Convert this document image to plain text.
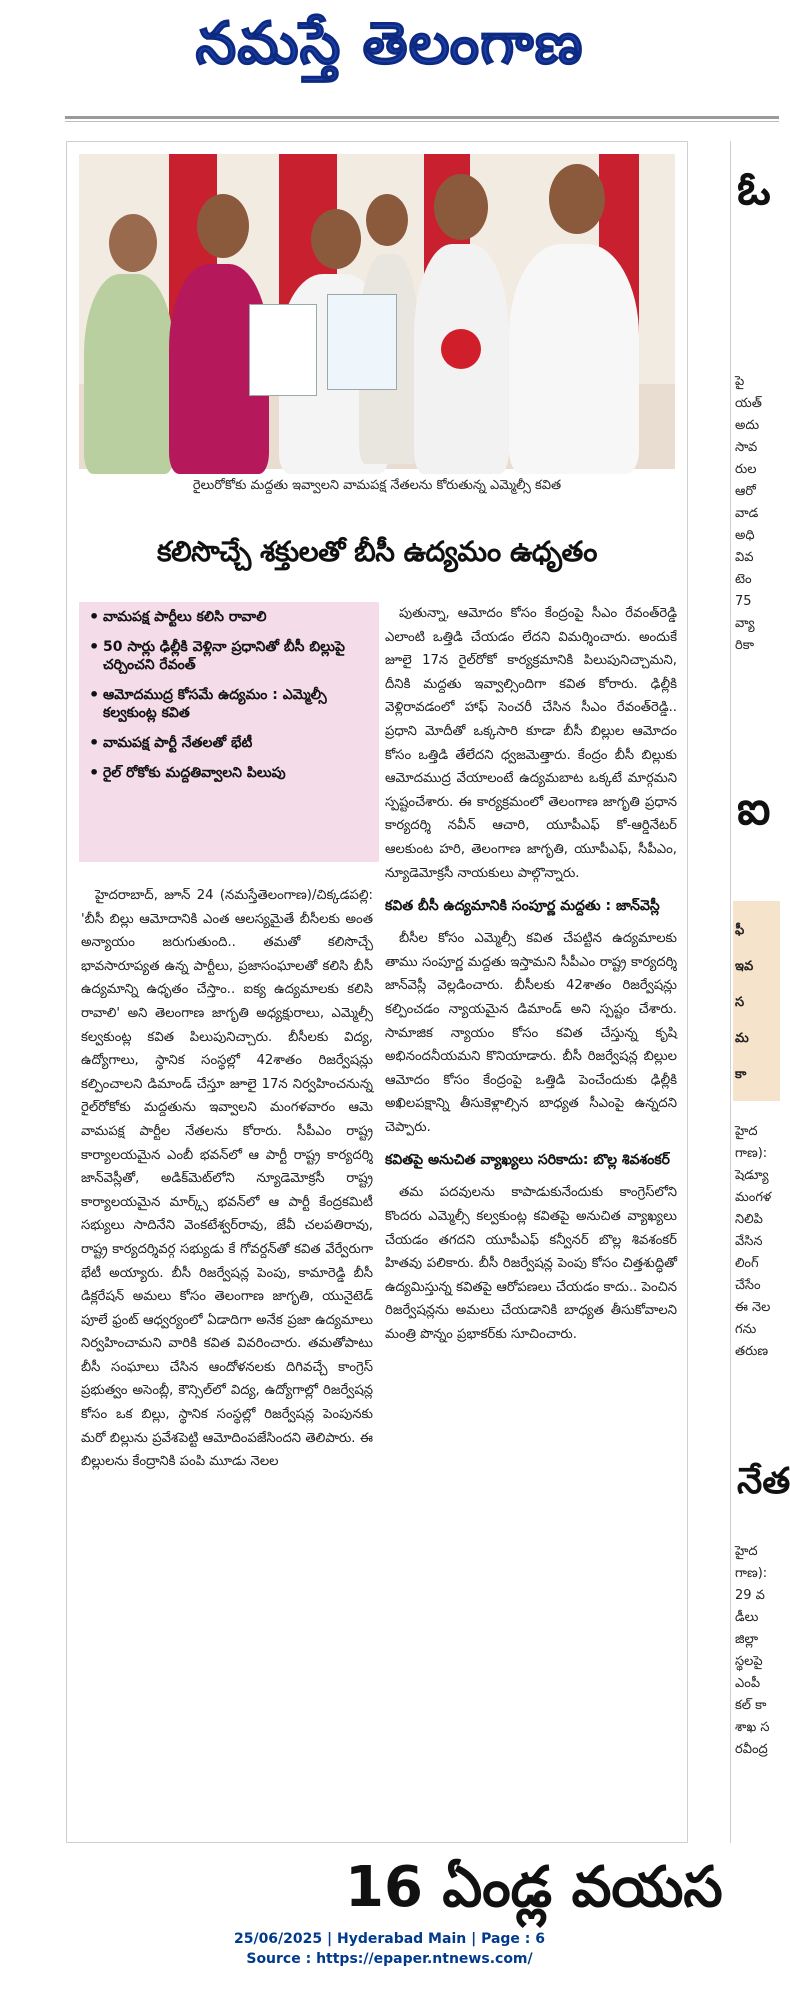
నమస్తే తెలంగాణ
రైలురోకోకు మద్దతు ఇవ్వాలని వామపక్ష నేతలను కోరుతున్న ఎమ్మెల్సీ కవిత
కలిసొచ్చే శక్తులతో బీసీ ఉద్యమం ఉధృతం
• వామపక్ష పార్టీలు కలిసి రావాలి
• 50 సార్లు ఢిల్లీకి వెళ్లినా ప్రధానితో బీసీ బిల్లుపై చర్చించని రేవంత్
• ఆమోదముద్ర కోసమే ఉద్యమం : ఎమ్మెల్సీ కల్వకుంట్ల కవిత
• వామపక్ష పార్టీ నేతలతో భేటీ
• రైల్ రోకోకు మద్దతివ్వాలని పిలుపు

హైదరాబాద్, జూన్ 24 (నమస్తేతెలంగాణ)/చిక్కడపల్లి: 'బీసీ బిల్లు ఆమోదానికి ఎంత ఆలస్యమైతే బీసీలకు అంత అన్యాయం జరుగుతుంది.. తమతో కలిసొచ్చే భావసారూప్యత ఉన్న పార్టీలు, ప్రజాసంఘాలతో కలిసి బీసీ ఉద్యమాన్ని ఉధృతం చేస్తాం.. ఐక్య ఉద్యమాలకు కలిసి రావాలి' అని తెలంగాణ జాగృతి అధ్యక్షురాలు, ఎమ్మెల్సీ కల్వకుంట్ల కవిత పిలుపునిచ్చారు. బీసీలకు విద్య, ఉద్యోగాలు, స్థానిక సంస్థల్లో 42శాతం రిజర్వేషన్లు కల్పించాలని డిమాండ్ చేస్తూ జూలై 17న నిర్వహించనున్న రైల్‌రోకోకు మద్దతును ఇవ్వాలని మంగళవారం ఆమె వామపక్ష పార్టీల నేతలను కోరారు. సీపీఎం రాష్ట్ర కార్యాలయమైన ఎంబీ భవన్‌లో ఆ పార్టీ రాష్ట్ర కార్యదర్శి జాన్‌వెస్లీతో, అడిక్‌మెట్‌లోని న్యూడెమోక్రసీ రాష్ట్ర కార్యాలయమైన మార్క్స్ భవన్‌లో ఆ పార్టీ కేంద్రకమిటీ సభ్యులు సాదినేని వెంకటేశ్వర్‌రావు, జేవీ చలపతిరావు, రాష్ట్ర కార్యదర్శివర్గ సభ్యుడు కే గోవర్దన్‌తో కవిత వేర్వేరుగా భేటీ అయ్యారు. బీసీ రిజర్వేషన్ల పెంపు, కామారెడ్డి బీసీ డిక్లరేషన్ అమలు కోసం తెలంగాణ జాగృతి, యునైటెడ్ పూలే ఫ్రంట్ ఆధ్వర్యంలో ఏడాదిగా అనేక ప్రజా ఉద్యమాలు నిర్వహించామని వారికి కవిత వివరించారు. తమతోపాటు బీసీ సంఘాలు చేసిన ఆందోళనలకు దిగివచ్చే కాంగ్రెస్ ప్రభుత్వం అసెంబ్లీ, కౌన్సిల్‌లో విద్య, ఉద్యోగాల్లో రిజర్వేషన్ల కోసం ఒక బిల్లు, స్థానిక సంస్థల్లో రిజర్వేషన్ల పెంపునకు మరో బిల్లును ప్రవేశపెట్టి ఆమోదింపజేసిందని తెలిపారు. ఈ బిల్లులను కేంద్రానికి పంపి మూడు నెలల

పుతున్నా, ఆమోదం కోసం కేంద్రంపై సీఎం రేవంత్‌రెడ్డి ఎలాంటి ఒత్తిడి చేయడం లేదని విమర్శించారు. అందుకే జూలై 17న రైల్‌రోకో కార్యక్రమానికి పిలుపునిచ్చామని, దీనికి మద్దతు ఇవ్వాల్సిందిగా కవిత కోరారు. ఢిల్లీకి వెళ్లిరావడంలో హాఫ్ సెంచరీ చేసిన సీఎం రేవంత్‌రెడ్డి.. ప్రధాని మోదీతో ఒక్కసారి కూడా బీసీ బిల్లుల ఆమోదం కోసం ఒత్తిడి తేలేదని ధ్వజమెత్తారు. కేంద్రం బీసీ బిల్లుకు ఆమోదముద్ర వేయాలంటే ఉద్యమబాట ఒక్కటే మార్గమని స్పష్టంచేశారు. ఈ కార్యక్రమంలో తెలంగాణ జాగృతి ప్రధాన కార్యదర్శి నవీన్ ఆచారి, యూపీఎఫ్ కో-ఆర్డినేటర్ ఆలకుంట హరి, తెలంగాణ జాగృతి, యూపీఎఫ్, సీపీఎం, న్యూడెమోక్రసీ నాయకులు పాల్గొన్నారు.

కవిత బీసీ ఉద్యమానికి సంపూర్ణ మద్దతు : జాన్‌వెస్లీ

బీసీల కోసం ఎమ్మెల్సీ కవిత చేపట్టిన ఉద్యమాలకు తాము సంపూర్ణ మద్దతు ఇస్తామని సీపీఎం రాష్ట్ర కార్యదర్శి జాన్‌వెస్లీ వెల్లడించారు. బీసీలకు 42శాతం రిజర్వేషన్లు కల్పించడం న్యాయమైన డిమాండ్ అని స్పష్టం చేశారు. సామాజిక న్యాయం కోసం కవిత చేస్తున్న కృషి అభినందనీయమని కొనియాడారు. బీసీ రిజర్వేషన్ల బిల్లుల ఆమోదం కోసం కేంద్రంపై ఒత్తిడి పెంచేందుకు ఢిల్లీకి అఖిలపక్షాన్ని తీసుకెళ్లాల్సిన బాధ్యత సీఎంపై ఉన్నదని చెప్పారు.

కవితపై అనుచిత వ్యాఖ్యలు సరికాదు: బొల్ల శివశంకర్

తమ పదవులను కాపాడుకునేందుకు కాంగ్రెస్‌లోని కొందరు ఎమ్మెల్సీ కల్వకుంట్ల కవితపై అనుచిత వ్యాఖ్యలు చేయడం తగదని యూపీఎఫ్ కన్వీనర్ బొల్ల శివశంకర్ హితవు పలికారు. బీసీ రిజర్వేషన్ల పెంపు కోసం చిత్తశుద్ధితో ఉద్యమిస్తున్న కవితపై ఆరోపణలు చేయడం కాదు.. పెంచిన రిజర్వేషన్లను అమలు చేయడానికి బాధ్యత తీసుకోవాలని మంత్రి పొన్నం ప్రభాకర్‌కు సూచించారు.

ఓ
పై
యత్
అదు
సావ
రుల
ఆరో
వాడ
అధి
వివ
టెం
75
వ్యా
రికా
ఐ
ఫీ
ఇవ
స
మ
కా
హైద
గాణ):
షెడ్యూ
మంగళ
నిలిపి
వేసిన
లింగ్
చేసేం
ఈ నెల
గను
తరుణ
నేత
హైద
గాణ):
29 వ
డీలు
జిల్లా
స్థలపై
ఎంపీ
కల్ కా
శాఖ స
రవీంద్ర
16 ఏండ్ల వయస
25/06/2025 | Hyderabad Main | Page : 6
Source : https://epaper.ntnews.com/
